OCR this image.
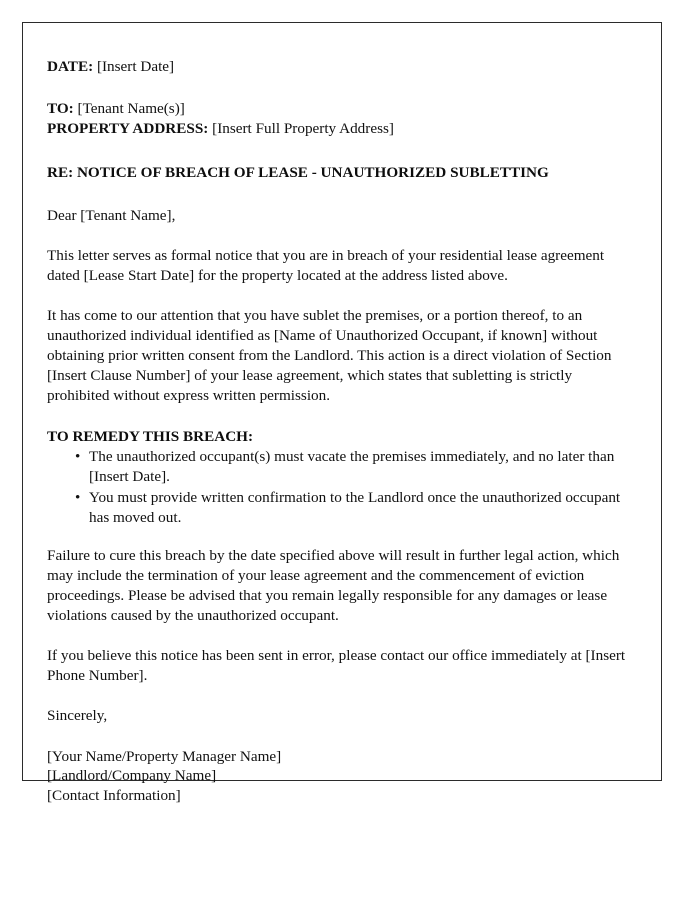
DATE: [Insert Date]
TO: [Tenant Name(s)]
PROPERTY ADDRESS: [Insert Full Property Address]
RE: NOTICE OF BREACH OF LEASE - UNAUTHORIZED SUBLETTING
Dear [Tenant Name],
This letter serves as formal notice that you are in breach of your residential lease agreement dated [Lease Start Date] for the property located at the address listed above.
It has come to our attention that you have sublet the premises, or a portion thereof, to an unauthorized individual identified as [Name of Unauthorized Occupant, if known] without obtaining prior written consent from the Landlord. This action is a direct violation of Section [Insert Clause Number] of your lease agreement, which states that subletting is strictly prohibited without express written permission.
TO REMEDY THIS BREACH:
• The unauthorized occupant(s) must vacate the premises immediately, and no later than [Insert Date].
• You must provide written confirmation to the Landlord once the unauthorized occupant has moved out.
Failure to cure this breach by the date specified above will result in further legal action, which may include the termination of your lease agreement and the commencement of eviction proceedings. Please be advised that you remain legally responsible for any damages or lease violations caused by the unauthorized occupant.
If you believe this notice has been sent in error, please contact our office immediately at [Insert Phone Number].
Sincerely,
[Your Name/Property Manager Name]
[Landlord/Company Name]
[Contact Information]
